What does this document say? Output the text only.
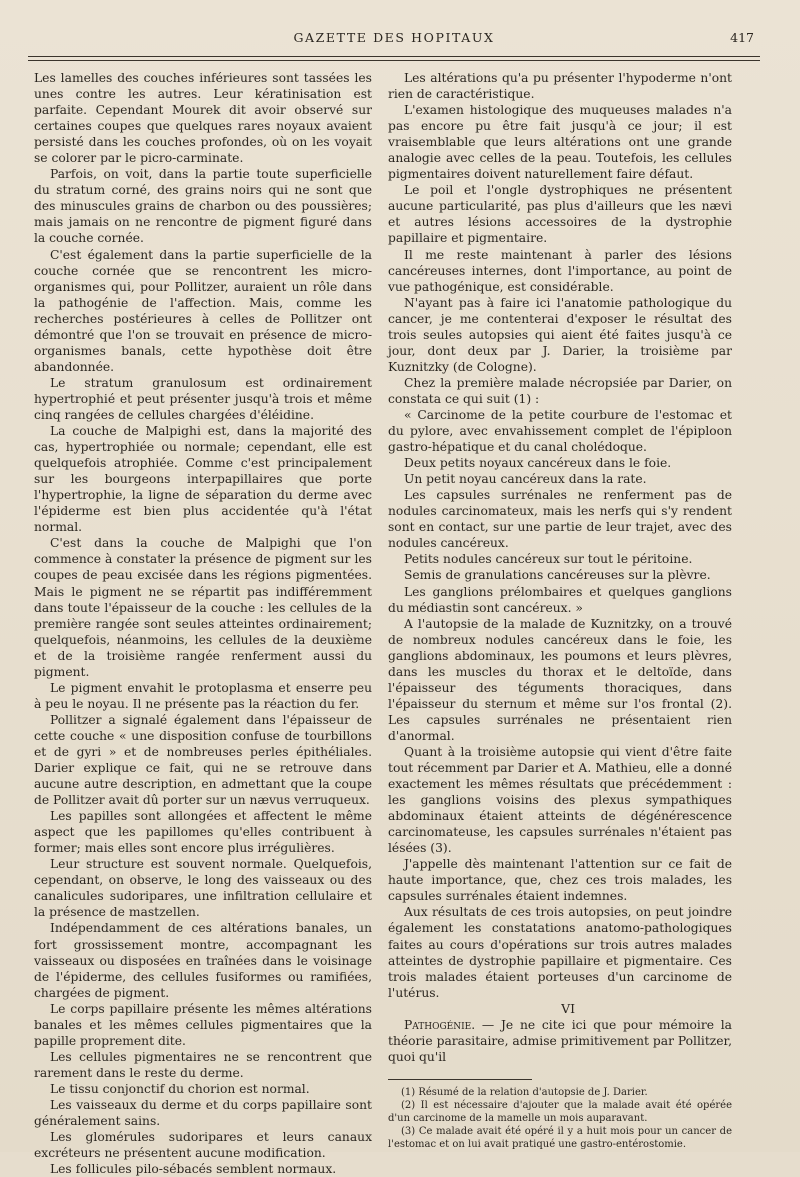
GAZETTE DES HOPITAUX	417

Les lamelles des couches inférieures sont tassées les unes contre les autres. Leur kératinisation est parfaite. Cependant Mourek dit avoir observé sur certaines coupes que quelques rares noyaux avaient persisté dans les couches profondes, où on les voyait se colorer par le picro-carminate.

Parfois, on voit, dans la partie toute superficielle du stratum corné, des grains noirs qui ne sont que des minuscules grains de charbon ou des poussières; mais jamais on ne rencontre de pigment figuré dans la couche cornée.

C'est également dans la partie superficielle de la couche cornée que se rencontrent les micro-organismes qui, pour Pollitzer, auraient un rôle dans la pathogénie de l'affection. Mais, comme les recherches postérieures à celles de Pollitzer ont démontré que l'on se trouvait en présence de micro-organismes banals, cette hypothèse doit être abandonnée.

Le stratum granulosum est ordinairement hypertrophié et peut présenter jusqu'à trois et même cinq rangées de cellules chargées d'éléidine.

La couche de Malpighi est, dans la majorité des cas, hypertrophiée ou normale; cependant, elle est quelquefois atrophiée. Comme c'est principalement sur les bourgeons interpapillaires que porte l'hypertrophie, la ligne de séparation du derme avec l'épiderme est bien plus accidentée qu'à l'état normal.

C'est dans la couche de Malpighi que l'on commence à constater la présence de pigment sur les coupes de peau excisée dans les régions pigmentées. Mais le pigment ne se répartit pas indifféremment dans toute l'épaisseur de la couche : les cellules de la première rangée sont seules atteintes ordinairement; quelquefois, néanmoins, les cellules de la deuxième et de la troisième rangée renferment aussi du pigment.

Le pigment envahit le protoplasma et enserre peu à peu le noyau. Il ne présente pas la réaction du fer.

Pollitzer a signalé également dans l'épaisseur de cette couche « une disposition confuse de tourbillons et de gyri » et de nombreuses perles épithéliales. Darier explique ce fait, qui ne se retrouve dans aucune autre description, en admettant que la coupe de Pollitzer avait dû porter sur un nævus verruqueux.

Les papilles sont allongées et affectent le même aspect que les papillomes qu'elles contribuent à former; mais elles sont encore plus irrégulières.

Leur structure est souvent normale. Quelquefois, cependant, on observe, le long des vaisseaux ou des canalicules sudoripares, une infiltration cellulaire et la présence de mastzellen.

Indépendamment de ces altérations banales, un fort grossissement montre, accompagnant les vaisseaux ou disposées en traînées dans le voisinage de l'épiderme, des cellules fusiformes ou ramifiées, chargées de pigment.

Le corps papillaire présente les mêmes altérations banales et les mêmes cellules pigmentaires que la papille proprement dite.

Les cellules pigmentaires ne se rencontrent que rarement dans le reste du derme.

Le tissu conjonctif du chorion est normal.

Les vaisseaux du derme et du corps papillaire sont généralement sains.

Les glomérules sudoripares et leurs canaux excréteurs ne présentent aucune modification.

Les follicules pilo-sébacés semblent normaux.

Les altérations qu'a pu présenter l'hypoderme n'ont rien de caractéristique.

L'examen histologique des muqueuses malades n'a pas encore pu être fait jusqu'à ce jour; il est vraisemblable que leurs altérations ont une grande analogie avec celles de la peau. Toutefois, les cellules pigmentaires doivent naturellement faire défaut.

Le poil et l'ongle dystrophiques ne présentent aucune particularité, pas plus d'ailleurs que les nævi et autres lésions accessoires de la dystrophie papillaire et pigmentaire.

Il me reste maintenant à parler des lésions cancéreuses internes, dont l'importance, au point de vue pathogénique, est considérable.

N'ayant pas à faire ici l'anatomie pathologique du cancer, je me contenterai d'exposer le résultat des trois seules autopsies qui aient été faites jusqu'à ce jour, dont deux par J. Darier, la troisième par Kuznitzky (de Cologne).

Chez la première malade nécropsiée par Darier, on constata ce qui suit (1) :

« Carcinome de la petite courbure de l'estomac et du pylore, avec envahissement complet de l'épiploon gastro-hépatique et du canal cholédoque.

Deux petits noyaux cancéreux dans le foie.

Un petit noyau cancéreux dans la rate.

Les capsules surrénales ne renferment pas de nodules carcinomateux, mais les nerfs qui s'y rendent sont en contact, sur une partie de leur trajet, avec des nodules cancéreux.

Petits nodules cancéreux sur tout le péritoine.

Semis de granulations cancéreuses sur la plèvre.

Les ganglions prélombaires et quelques ganglions du médiastin sont cancéreux. »

A l'autopsie de la malade de Kuznitzky, on a trouvé de nombreux nodules cancéreux dans le foie, les ganglions abdominaux, les poumons et leurs plèvres, dans les muscles du thorax et le deltoïde, dans l'épaisseur des téguments thoraciques, dans l'épaisseur du sternum et même sur l'os frontal (2). Les capsules surrénales ne présentaient rien d'anormal.

Quant à la troisième autopsie qui vient d'être faite tout récemment par Darier et A. Mathieu, elle a donné exactement les mêmes résultats que précédemment : les ganglions voisins des plexus sympathiques abdominaux étaient atteints de dégénérescence carcinomateuse, les capsules surrénales n'étaient pas lésées (3).

J'appelle dès maintenant l'attention sur ce fait de haute importance, que, chez ces trois malades, les capsules surrénales étaient indemnes.

Aux résultats de ces trois autopsies, on peut joindre également les constatations anatomo-pathologiques faites au cours d'opérations sur trois autres malades atteintes de dystrophie papillaire et pigmentaire. Ces trois malades étaient porteuses d'un carcinome de l'utérus.

VI

Pathogénie. — Je ne cite ici que pour mémoire la théorie parasitaire, admise primitivement par Pollitzer, quoi qu'il

(1) Résumé de la relation d'autopsie de J. Darier.

(2) Il est nécessaire d'ajouter que la malade avait été opérée d'un carcinome de la mamelle un mois auparavant.

(3) Ce malade avait été opéré il y a huit mois pour un cancer de l'estomac et on lui avait pratiqué une gastro-entérostomie.
